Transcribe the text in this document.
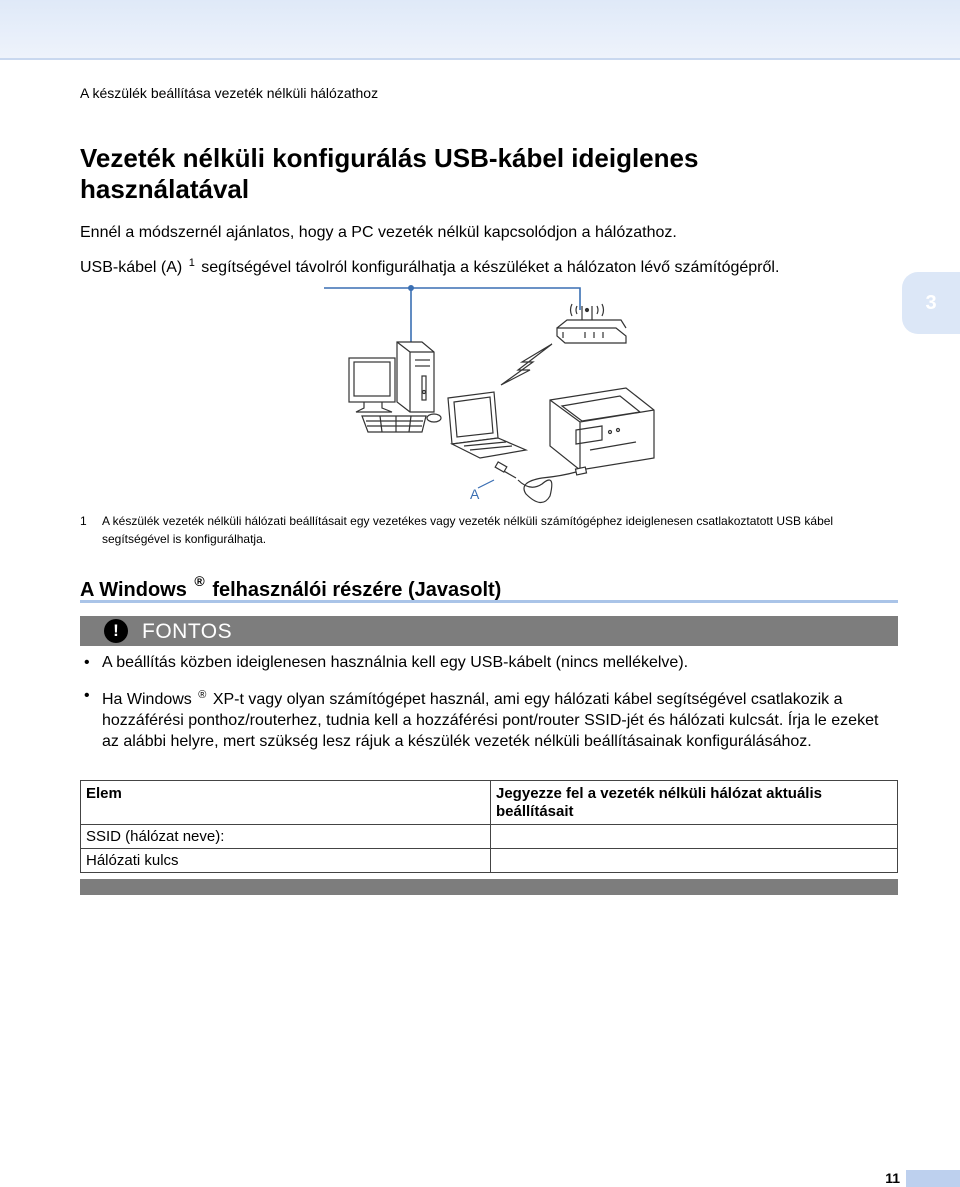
A készülék beállítása vezeték nélküli hálózathoz
Vezeték nélküli konfigurálás USB-kábel ideiglenes használatával
Ennél a módszernél ajánlatos, hogy a PC vezeték nélkül kapcsolódjon a hálózathoz.
USB-kábel (A) $^1$ segítségével távolról konfigurálhatja a készüléket a hálózaton lévő számítógépről.
3
A
1 A készülék vezeték nélküli hálózati beállításait egy vezetékes vagy vezeték nélküli számítógéphez ideiglenesen csatlakoztatott USB kábel segítségével is konfigurálhatja.
A Windows ® felhasználói részére (Javasolt)
!	FONTOS
• A beállítás közben ideiglenesen használnia kell egy USB-kábelt (nincs mellékelve).
• Ha Windows ® XP-t vagy olyan számítógépet használ, ami egy hálózati kábel segítségével csatlakozik a hozzáférési ponthoz/routerhez, tudnia kell a hozzáférési pont/router SSID-jét és hálózati kulcsát. Írja le ezeket az alábbi helyre, mert szükség lesz rájuk a készülék vezeték nélküli beállításainak konfigurálásához.
Elem	Jegyezze fel a vezeték nélküli hálózat aktuális beállításait
SSID (hálózat neve):	
Hálózati kulcs	
11
